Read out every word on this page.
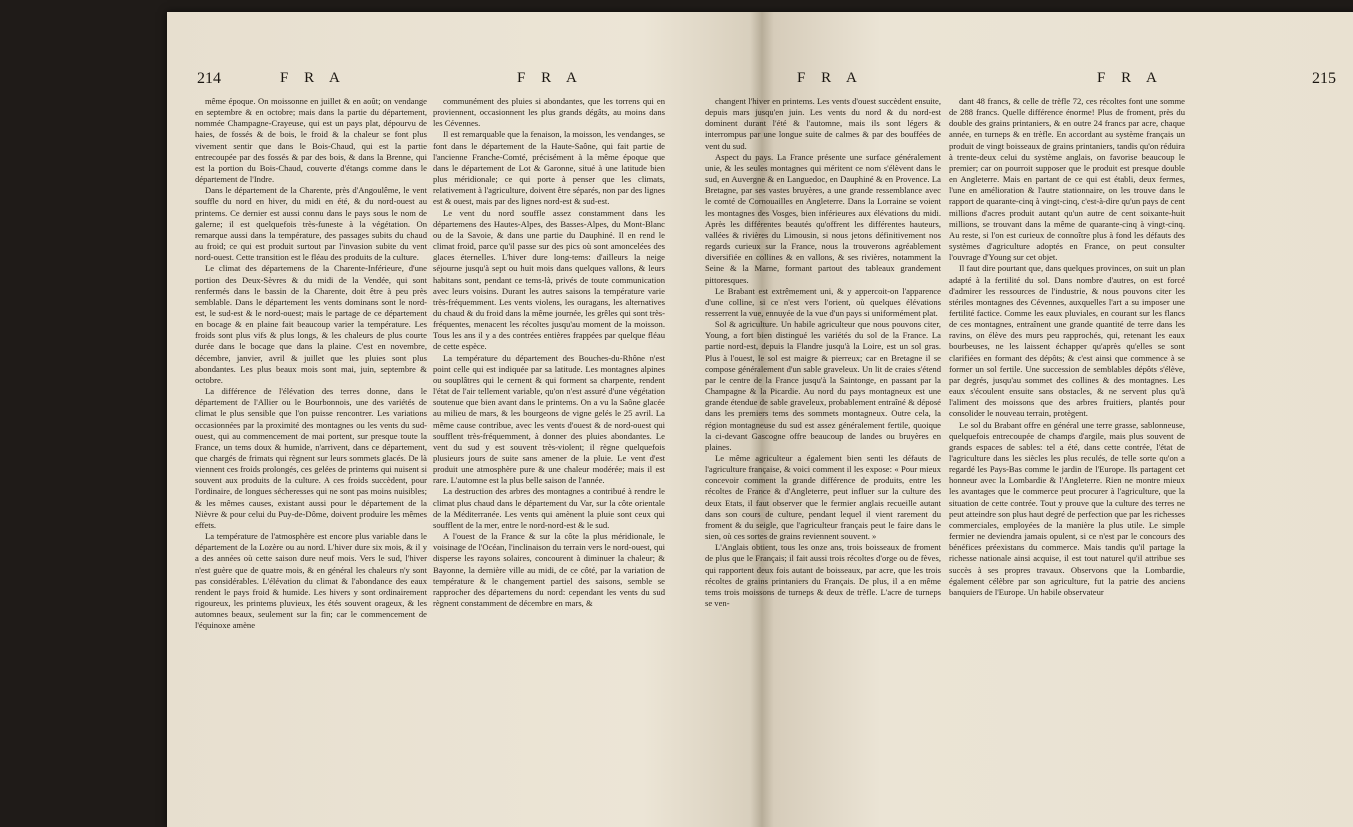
214	F R A	F R A

même époque. On moissonne en juillet & en août; on vendange en septembre & en octobre; mais dans la partie du département, nommée Champagne-Crayeuse, qui est un pays plat, dépourvu de haies, de fossés & de bois, le froid & la chaleur se font plus vivement sentir que dans le Bois-Chaud, qui est la partie entrecoupée par des fossés & par des bois, & dans la Brenne, qui est la portion du Bois-Chaud, couverte d'étangs comme dans le département de l'Indre.

Dans le département de la Charente, près d'Angoulême, le vent souffle du nord en hiver, du midi en été, & du nord-ouest au printems. Ce dernier est aussi connu dans le pays sous le nom de galerne; il est quelquefois très-funeste à la végétation. On remarque aussi dans la température, des passages subits du chaud au froid; ce qui est produit surtout par l'invasion subite du vent nord-ouest. Cette transition est le fléau des produits de la culture.

Le climat des départemens de la Charente-Inférieure, d'une portion des Deux-Sèvres & du midi de la Vendée, qui sont renfermés dans le bassin de la Charente, doit être à peu près semblable. Dans le département les vents dominans sont le nord-est, le sud-est & le nord-ouest; mais le partage de ce département en bocage & en plaine fait beaucoup varier la température. Les froids sont plus vifs & plus longs, & les chaleurs de plus courte durée dans le bocage que dans la plaine. C'est en novembre, décembre, janvier, avril & juillet que les pluies sont plus abondantes. Les plus beaux mois sont mai, juin, septembre & octobre.

La différence de l'élévation des terres donne, dans le département de l'Allier ou le Bourbonnois, une des variétés de climat le plus sensible que l'on puisse rencontrer. Les variations occasionnées par la proximité des montagnes ou les vents du sud-ouest, qui au commencement de mai portent, sur presque toute la France, un tems doux & humide, n'arrivent, dans ce département, que chargés de frimats qui règnent sur leurs sommets glacés. De là viennent ces froids prolongés, ces gelées de printems qui nuisent si souvent aux produits de la culture. A ces froids succèdent, pour l'ordinaire, de longues sécheresses qui ne sont pas moins nuisibles; & les mêmes causes, existant aussi pour le département de la Nièvre & pour celui du Puy-de-Dôme, doivent produire les mêmes effets.

La température de l'atmosphère est encore plus variable dans le département de la Lozère ou au nord. L'hiver dure six mois, & il y a des années où cette saison dure neuf mois. Vers le sud, l'hiver n'est guère que de quatre mois, & en général les chaleurs n'y sont pas considérables. L'élévation du climat & l'abondance des eaux rendent le pays froid & humide. Les hivers y sont ordinairement rigoureux, les printems pluvieux, les étés souvent orageux, & les automnes beaux, seulement sur la fin; car le commencement de l'équinoxe amène

communément des pluies si abondantes, que les torrens qui en proviennent, occasionnent les plus grands dégâts, au moins dans les Cévennes.

Il est remarquable que la fenaison, la moisson, les vendanges, se font dans le département de la Haute-Saône, qui fait partie de l'ancienne Franche-Comté, précisément à la même époque que dans le département de Lot & Garonne, situé à une latitude bien plus méridionale; ce qui porte à penser que les climats, relativement à l'agriculture, doivent être séparés, non par des lignes est & ouest, mais par des lignes nord-est & sud-est.

Le vent du nord souffle assez constamment dans les départemens des Hautes-Alpes, des Basses-Alpes, du Mont-Blanc ou de la Savoie, & dans une partie du Dauphiné. Il en rend le climat froid, parce qu'il passe sur des pics où sont amoncelées des glaces éternelles. L'hiver dure long-tems: d'ailleurs la neige séjourne jusqu'à sept ou huit mois dans quelques vallons, & leurs habitans sont, pendant ce tems-là, privés de toute communication avec leurs voisins. Durant les autres saisons la température varie très-fréquemment. Les vents violens, les ouragans, les alternatives du chaud & du froid dans la même journée, les grêles qui sont très-fréquentes, menacent les récoltes jusqu'au moment de la moisson. Tous les ans il y a des contrées entières frappées par quelque fléau de cette espèce.

La température du département des Bouches-du-Rhône n'est point celle qui est indiquée par sa latitude. Les montagnes alpines ou souplâtres qui le cernent & qui forment sa charpente, rendent l'état de l'air tellement variable, qu'on n'est assuré d'une végétation soutenue que bien avant dans le printems. On a vu la Saône glacée au milieu de mars, & les bourgeons de vigne gelés le 25 avril. La même cause contribue, avec les vents d'ouest & de nord-ouest qui soufflent très-fréquemment, à donner des pluies abondantes. Le vent du sud y est souvent très-violent; il règne quelquefois plusieurs jours de suite sans amener de la pluie. Le vent d'est produit une atmosphère pure & une chaleur modérée; mais il est rare. L'automne est la plus belle saison de l'année.

La destruction des arbres des montagnes a contribué à rendre le climat plus chaud dans le département du Var, sur la côte orientale de la Méditerranée. Les vents qui amènent la pluie sont ceux qui soufflent de la mer, entre le nord-nord-est & le sud.

A l'ouest de la France & sur la côte la plus méridionale, le voisinage de l'Océan, l'inclinaison du terrain vers le nord-ouest, qui disperse les rayons solaires, concourent à diminuer la chaleur; & Bayonne, la dernière ville au midi, de ce côté, par la variation de température & le changement partiel des saisons, semble se rapprocher des départemens du nord: cependant les vents du sud règnent constamment de décembre en mars, &

F R A	F R A	215

changent l'hiver en printems. Les vents d'ouest succèdent ensuite, depuis mars jusqu'en juin. Les vents du nord & du nord-est dominent durant l'été & l'automne, mais ils sont légers & interrompus par une longue suite de calmes & par des bouffées de vent du sud.

Aspect du pays. La France présente une surface généralement unie, & les seules montagnes qui méritent ce nom s'élèvent dans le sud, en Auvergne & en Languedoc, en Dauphiné & en Provence. La Bretagne, par ses vastes bruyères, a une grande ressemblance avec le comté de Cornouailles en Angleterre. Dans la Lorraine se voient les montagnes des Vosges, bien inférieures aux élévations du midi. Après les différentes beautés qu'offrent les différentes hauteurs, vallées & rivières du Limousin, si nous jetons définitivement nos regards curieux sur la France, nous la trouverons agréablement diversifiée en collines & en vallons, & ses rivières, notamment la Seine & la Marne, formant partout des tableaux grandement pittoresques.

Le Brabant est extrêmement uni, & y appercoit-on l'apparence d'une colline, si ce n'est vers l'orient, où quelques élévations resserrent la vue, ennuyée de la vue d'un pays si uniformément plat.

Sol & agriculture. Un habile agriculteur que nous pouvons citer, Young, a fort bien distingué les variétés du sol de la France. La partie nord-est, depuis la Flandre jusqu'à la Loire, est un sol gras. Plus à l'ouest, le sol est maigre & pierreux; car en Bretagne il se compose généralement d'un sable graveleux. Un lit de craies s'étend par le centre de la France jusqu'à la Saintonge, en passant par la Champagne & la Picardie. Au nord du pays montagneux est une grande étendue de sable graveleux, probablement entraîné & déposé dans les premiers tems des sommets montagneux. Outre cela, la région montagneuse du sud est assez généralement fertile, quoique la ci-devant Gascogne offre beaucoup de landes ou bruyères en plaines.

Le même agriculteur a également bien senti les défauts de l'agriculture française, & voici comment il les expose: « Pour mieux concevoir comment la grande différence de produits, entre les récoltes de France & d'Angleterre, peut influer sur la culture des deux Etats, il faut observer que le fermier anglais recueille autant dans son cours de culture, pendant lequel il vient rarement du froment & du seigle, que l'agriculteur français peut le faire dans le sien, où ces sortes de grains reviennent souvent. »

L'Anglais obtient, tous les onze ans, trois boisseaux de froment de plus que le Français; il fait aussi trois récoltes d'orge ou de fèves, qui rapportent deux fois autant de boisseaux, par acre, que les trois récoltes de grains printaniers du Français. De plus, il a en même tems trois moissons de turneps & deux de trèfle. L'acre de turneps se ven-

dant 48 francs, & celle de trèfle 72, ces récoltes font une somme de 288 francs. Quelle différence énorme! Plus de froment, près du double des grains printaniers, & en outre 24 francs par acre, chaque année, en turneps & en trèfle. En accordant au système français un produit de vingt boisseaux de grains printaniers, tandis qu'on réduira à trente-deux celui du système anglais, on favorise beaucoup le premier; car on pourroit supposer que le produit est presque double en Angleterre. Mais en partant de ce qui est établi, deux fermes, l'une en amélioration & l'autre stationnaire, on les trouve dans le rapport de quarante-cinq à vingt-cinq, c'est-à-dire qu'un pays de cent millions d'acres produit autant qu'un autre de cent soixante-huit millions, se trouvant dans la même de quarante-cinq à vingt-cinq. Au reste, si l'on est curieux de connoître plus à fond les défauts des systèmes d'agriculture adoptés en France, on peut consulter l'ouvrage d'Young sur cet objet.

Il faut dire pourtant que, dans quelques provinces, on suit un plan adapté à la fertilité du sol. Dans nombre d'autres, on est forcé d'admirer les ressources de l'industrie, & nous pouvons citer les stériles montagnes des Cévennes, auxquelles l'art a su imposer une fertilité factice. Comme les eaux pluviales, en courant sur les flancs de ces montagnes, entraînent une grande quantité de terre dans les ravins, on élève des murs peu rapprochés, qui, retenant les eaux bourbeuses, ne les laissent échapper qu'après qu'elles se sont clarifiées en formant des dépôts; & c'est ainsi que commence à se former un sol fertile. Une succession de semblables dépôts s'élève, par degrés, jusqu'au sommet des collines & des montagnes. Les eaux s'écoulent ensuite sans obstacles, & ne servent plus qu'à l'aliment des moissons que des arbres fruitiers, plantés pour consolider le nouveau terrain, protègent.

Le sol du Brabant offre en général une terre grasse, sablonneuse, quelquefois entrecoupée de champs d'argile, mais plus souvent de grands espaces de sables: tel a été, dans cette contrée, l'état de l'agriculture dans les siècles les plus reculés, de telle sorte qu'on a regardé les Pays-Bas comme le jardin de l'Europe. Ils partagent cet honneur avec la Lombardie & l'Angleterre. Rien ne montre mieux les avantages que le commerce peut procurer à l'agriculture, que la situation de cette contrée. Tout y prouve que la culture des terres ne peut atteindre son plus haut degré de perfection que par les richesses commerciales, employées de la manière la plus utile. Le simple fermier ne deviendra jamais opulent, si ce n'est par le concours des bénéfices préexistans du commerce. Mais tandis qu'il partage la richesse nationale ainsi acquise, il est tout naturel qu'il attribue ses succès à ses propres travaux. Observons que la Lombardie, également célèbre par son agriculture, fut la patrie des anciens banquiers de l'Europe. Un habile observateur
